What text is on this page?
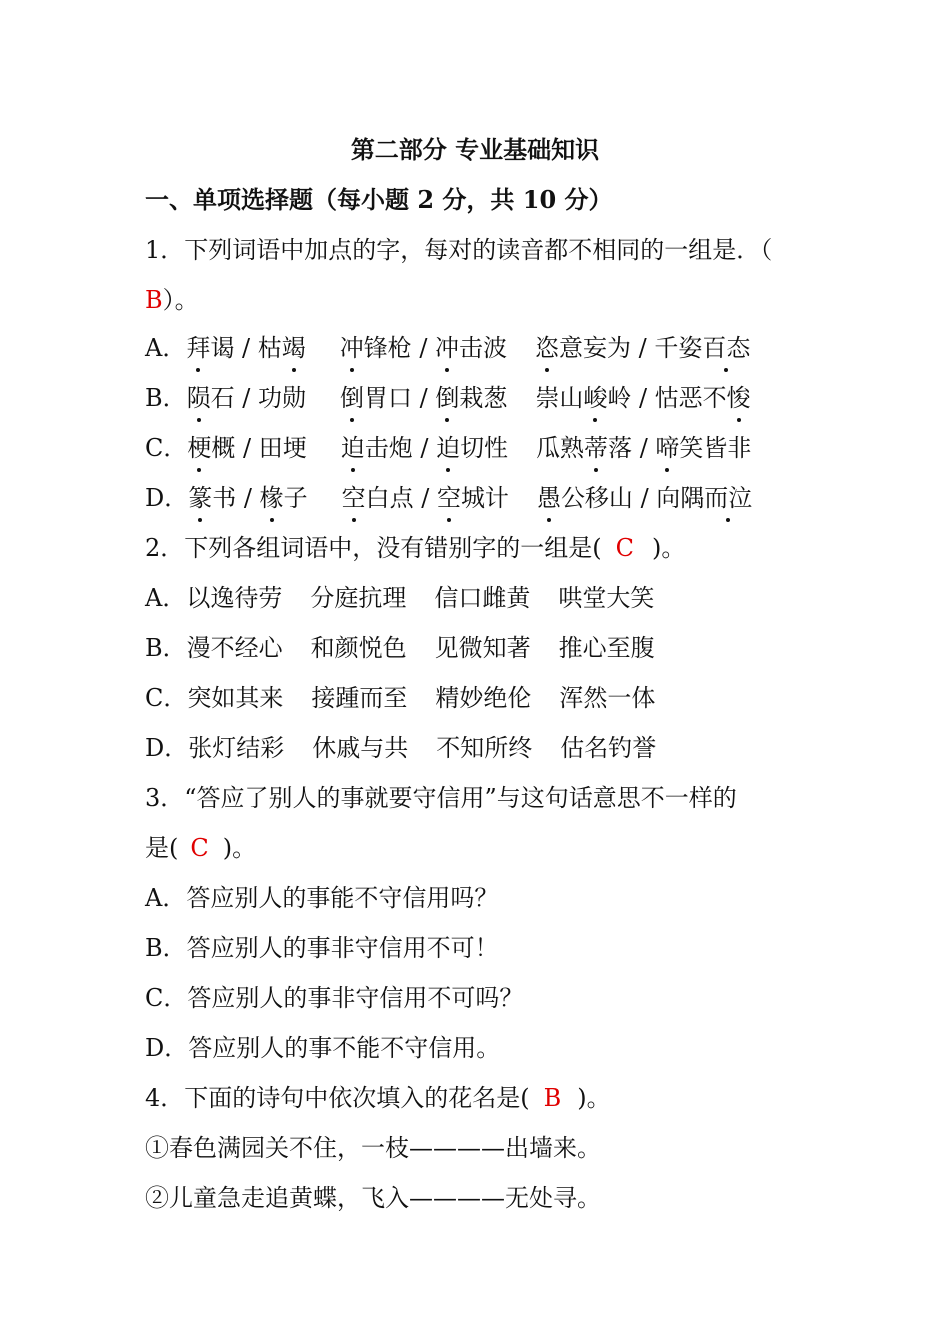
第二部分 专业基础知识
一、单项选择题（每小题 2 分，共 10 分）
1．下列词语中加点的字，每对的读音都不相同的一组是．（
B）。
A．拜谒 / 枯竭 冲锋枪 / 冲击波 恣意妄为 / 千姿百态
B．陨石 / 功勋 倒胃口 / 倒栽葱 崇山峻岭 / 怙恶不悛
C．梗概 / 田埂 迫击炮 / 迫切性 瓜熟蒂落 / 啼笑皆非
D．篆书 / 椽子 空白点 / 空城计 愚公移山 / 向隅而泣
2．下列各组词语中，没有错别字的一组是( C )。
A．以逸待劳 分庭抗理 信口雌黄 哄堂大笑
B．漫不经心 和颜悦色 见微知著 推心至腹
C．突如其来 接踵而至 精妙绝伦 浑然一体
D．张灯结彩 休戚与共 不知所终 估名钓誉
3．“答应了别人的事就要守信用”与这句话意思不一样的
是( C )。
A．答应别人的事能不守信用吗？
B．答应别人的事非守信用不可！
C．答应别人的事非守信用不可吗？
D．答应别人的事不能不守信用。
4．下面的诗句中依次填入的花名是( B )。
①春色满园关不住，一枝————出墙来。
②儿童急走追黄蝶，飞入————无处寻。
